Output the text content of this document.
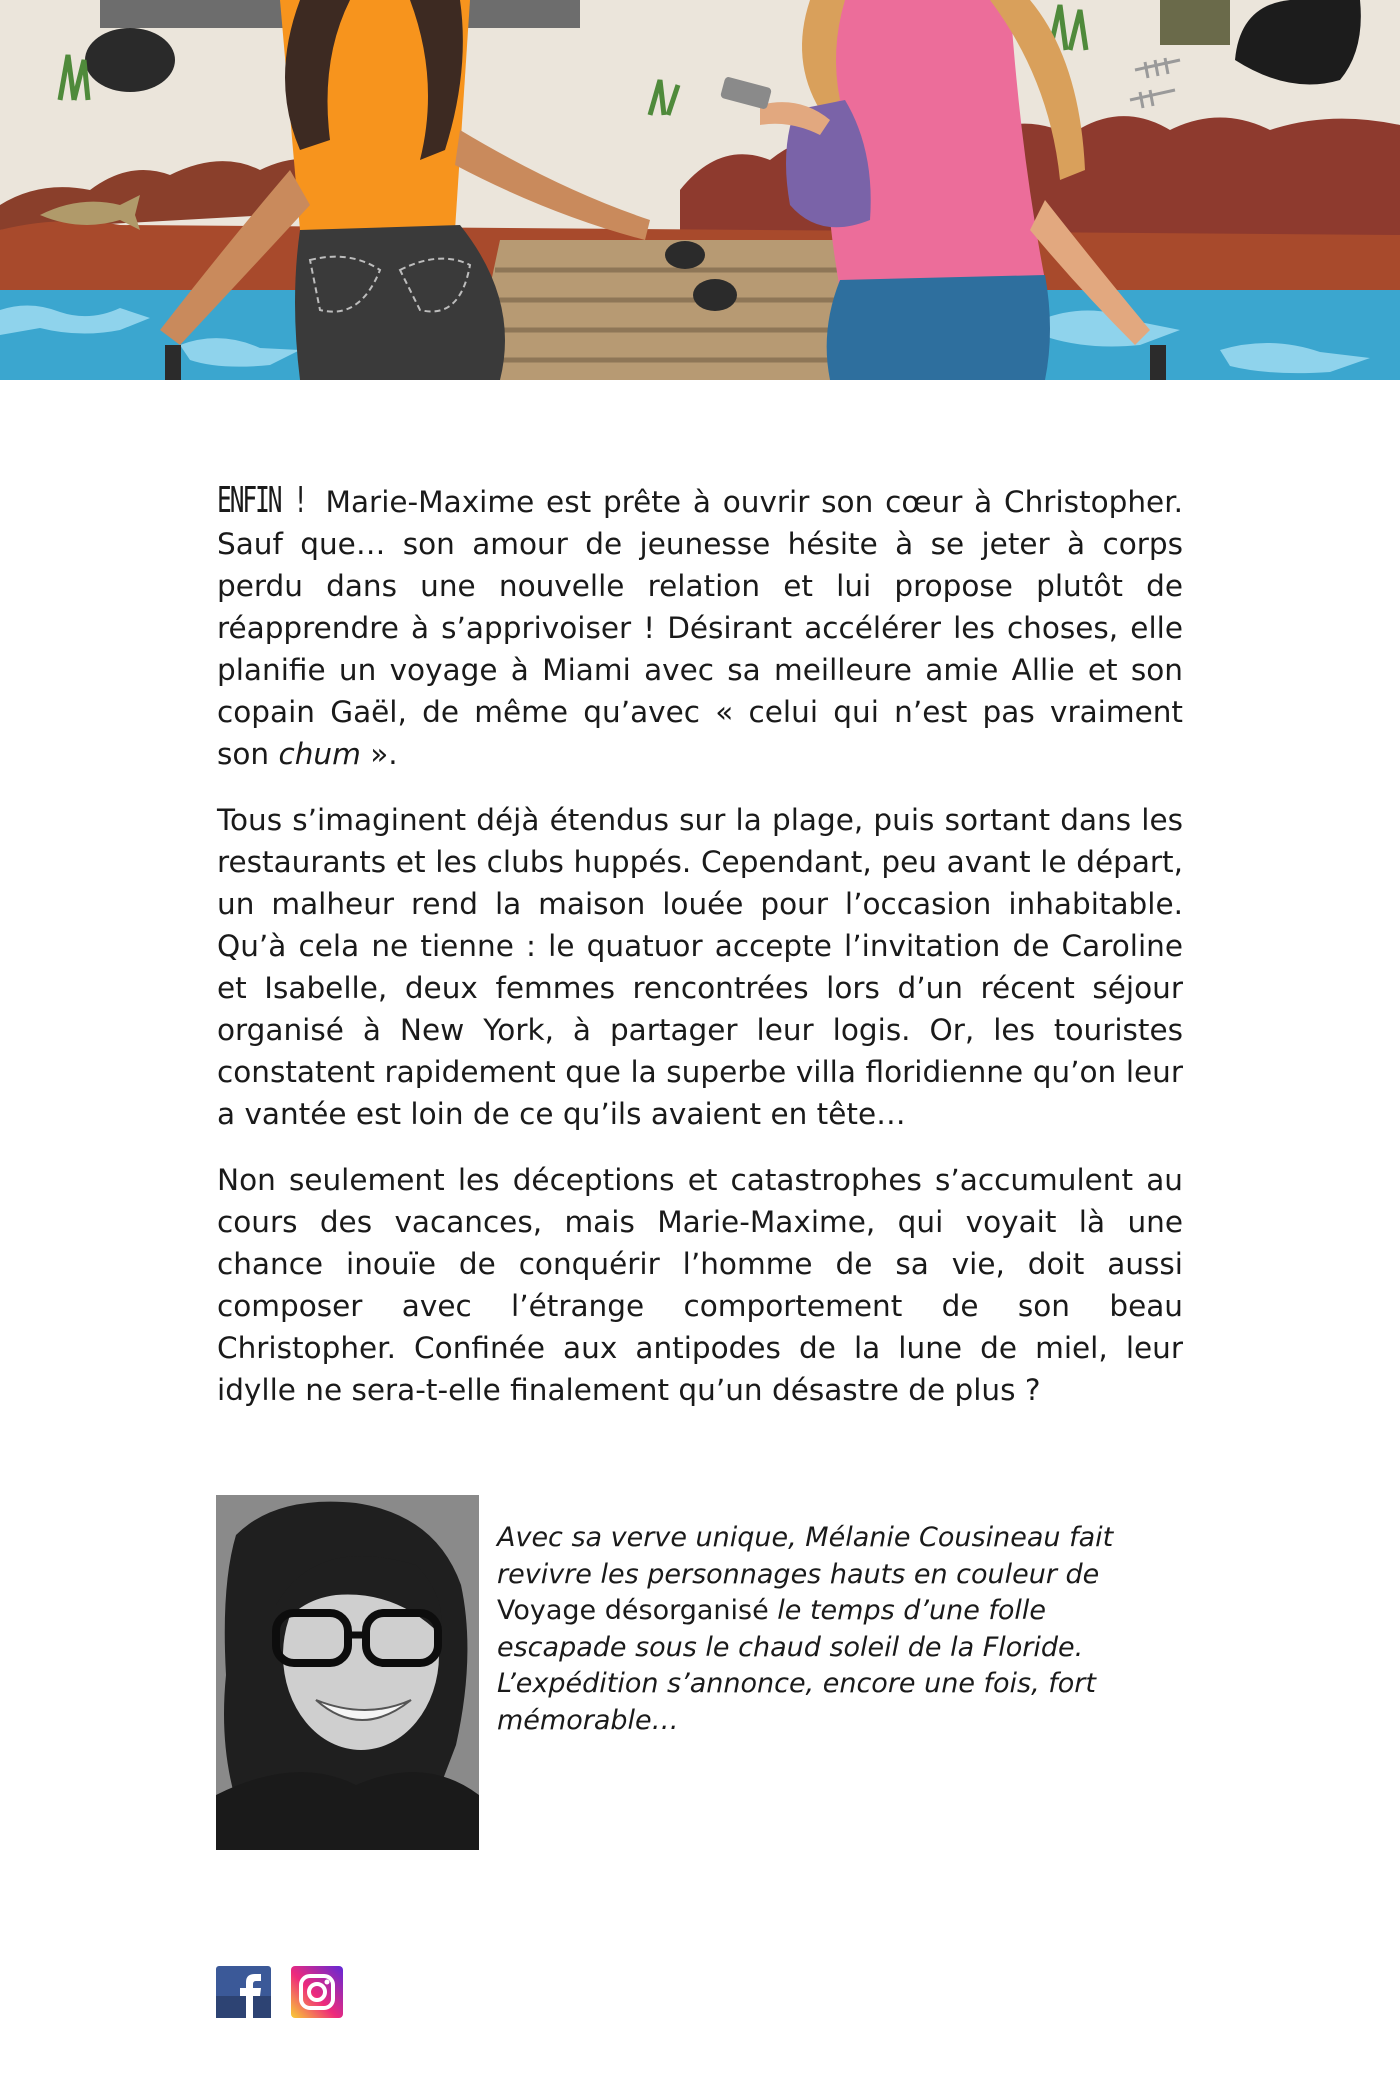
ENFIN ! Marie-Maxime est prête à ouvrir son cœur à Christopher. Sauf que… son amour de jeunesse hésite à se jeter à corps perdu dans une nouvelle relation et lui propose plutôt de réapprendre à s’apprivoiser ! Désirant accélérer les choses, elle planifie un voyage à Miami avec sa meilleure amie Allie et son copain Gaël, de même qu’avec « celui qui n’est pas vraiment son chum ».

Tous s’imaginent déjà étendus sur la plage, puis sortant dans les restaurants et les clubs huppés. Cependant, peu avant le départ, un malheur rend la maison louée pour l’occasion inhabitable. Qu’à cela ne tienne : le quatuor accepte l’invitation de Caroline et Isabelle, deux femmes rencontrées lors d’un récent séjour organisé à New York, à partager leur logis. Or, les touristes constatent rapidement que la superbe villa floridienne qu’on leur a vantée est loin de ce qu’ils avaient en tête…

Non seulement les déceptions et catastrophes s’accumulent au cours des vacances, mais Marie-Maxime, qui voyait là une chance inouïe de conquérir l’homme de sa vie, doit aussi composer avec l’étrange comportement de son beau Christopher. Confinée aux antipodes de la lune de miel, leur idylle ne sera-t-elle finalement qu’un désastre de plus ?

Avec sa verve unique, Mélanie Cousineau fait revivre les personnages hauts en couleur de Voyage désorganisé le temps d’une folle escapade sous le chaud soleil de la Floride. L’expédition s’annonce, encore une fois, fort mémorable…
